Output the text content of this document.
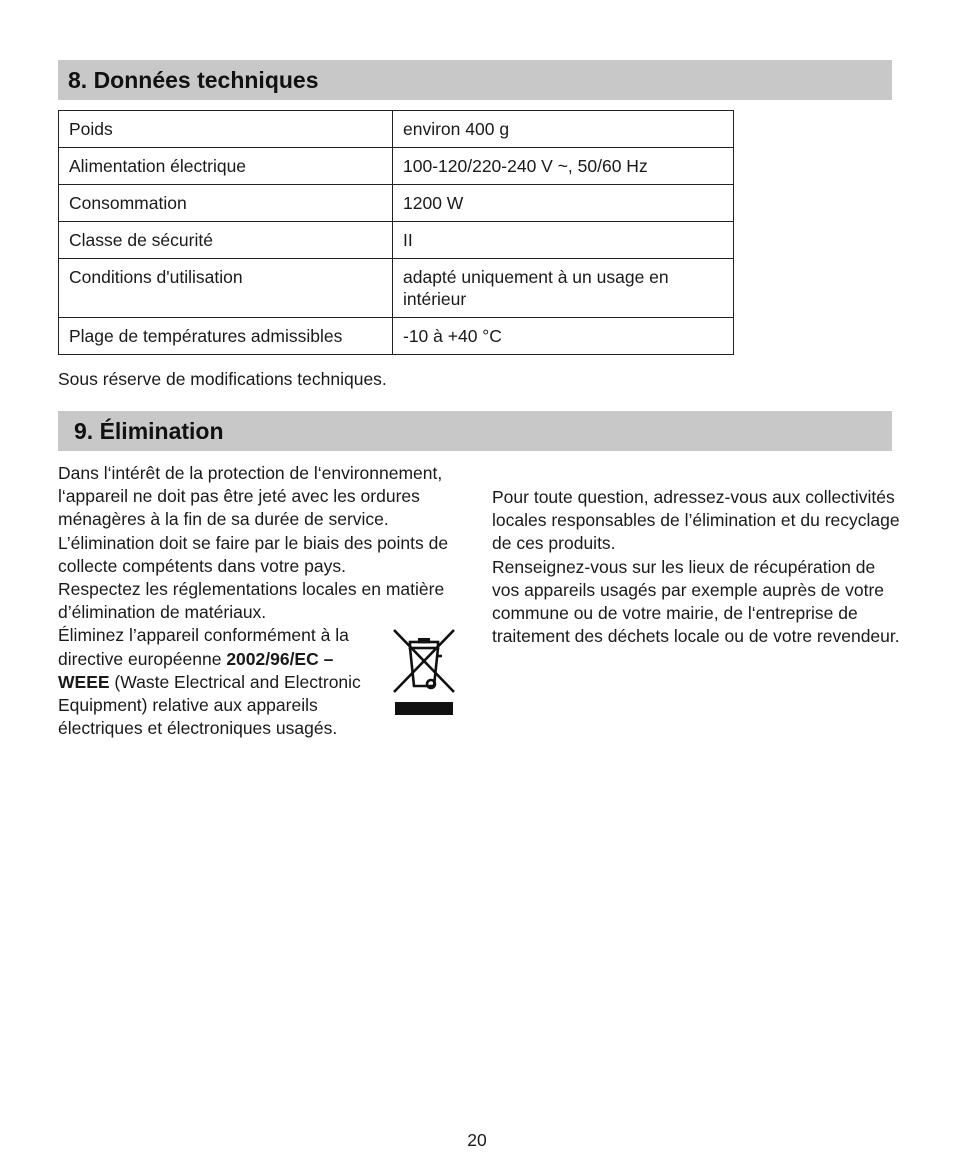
8. Données techniques
Poids	environ 400 g
Alimentation électrique	100-120/220-240 V ~, 50/60 Hz
Consommation	1200 W
Classe de sécurité	II
Conditions d'utilisation	adapté uniquement à un usage en intérieur
Plage de températures admissibles	-10 à +40 °C
Sous réserve de modifications techniques.
9. Élimination

Dans l‘intérêt de la protection de l‘environnement, l‘appareil ne doit pas être jeté avec les ordures ménagères à la fin de sa durée de service.

L’élimination doit se faire par le biais des points de collecte compétents dans votre pays.

Respectez les réglementations locales en matière d’élimination de matériaux.

Éliminez l’appareil conformément à la directive européenne 2002/96/EC – WEEE (Waste Electrical and Electronic Equipment) relative aux appareils électriques et électroniques usagés.

Pour toute question, adressez-vous aux collectivités locales responsables de l’élimination et du recyclage de ces produits.

Renseignez-vous sur les lieux de récupération de vos appareils usagés par exemple auprès de votre commune ou de votre mairie, de l‘entreprise de traitement des déchets locale ou de votre revendeur.

20
